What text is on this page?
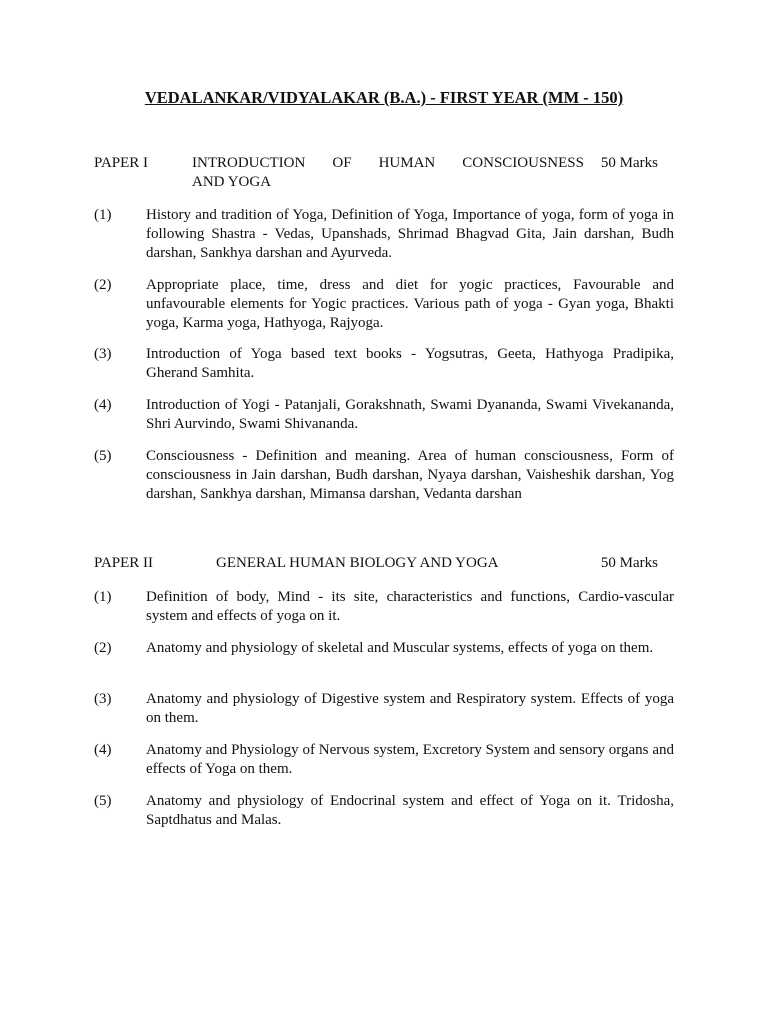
VEDALANKAR/VIDYALAKAR (B.A.) - FIRST YEAR (MM - 150)
PAPER I	INTRODUCTION OF HUMAN CONSCIOUSNESS
AND YOGA
50 Marks
(1) History and tradition of Yoga, Definition of Yoga, Importance of yoga, form of yoga in following Shastra - Vedas, Upanshads, Shrimad Bhagvad Gita, Jain darshan, Budh darshan, Sankhya darshan and Ayurveda.
(2) Appropriate place, time, dress and diet for yogic practices, Favourable and unfavourable elements for Yogic practices. Various path of yoga - Gyan yoga, Bhakti yoga, Karma yoga, Hathyoga, Rajyoga.
(3) Introduction of Yoga based text books - Yogsutras, Geeta, Hathyoga Pradipika, Gherand Samhita.
(4) Introduction of Yogi - Patanjali, Gorakshnath, Swami Dyananda, Swami Vivekananda, Shri Aurvindo, Swami Shivananda.
(5) Consciousness - Definition and meaning. Area of human consciousness, Form of consciousness in Jain darshan, Budh darshan, Nyaya darshan, Vaisheshik darshan, Yog darshan, Sankhya darshan, Mimansa darshan, Vedanta darshan
PAPER II	GENERAL HUMAN BIOLOGY AND YOGA	50 Marks
(1) Definition of body, Mind - its site, characteristics and functions, Cardio-vascular system and effects of yoga on it.
(2) Anatomy and physiology of skeletal and Muscular systems, effects of yoga on them.
(3) Anatomy and physiology of Digestive system and Respiratory system. Effects of yoga on them.
(4) Anatomy and Physiology of Nervous system, Excretory System and sensory organs and effects of Yoga on them.
(5) Anatomy and physiology of Endocrinal system and effect of Yoga on it. Tridosha, Saptdhatus and Malas.
